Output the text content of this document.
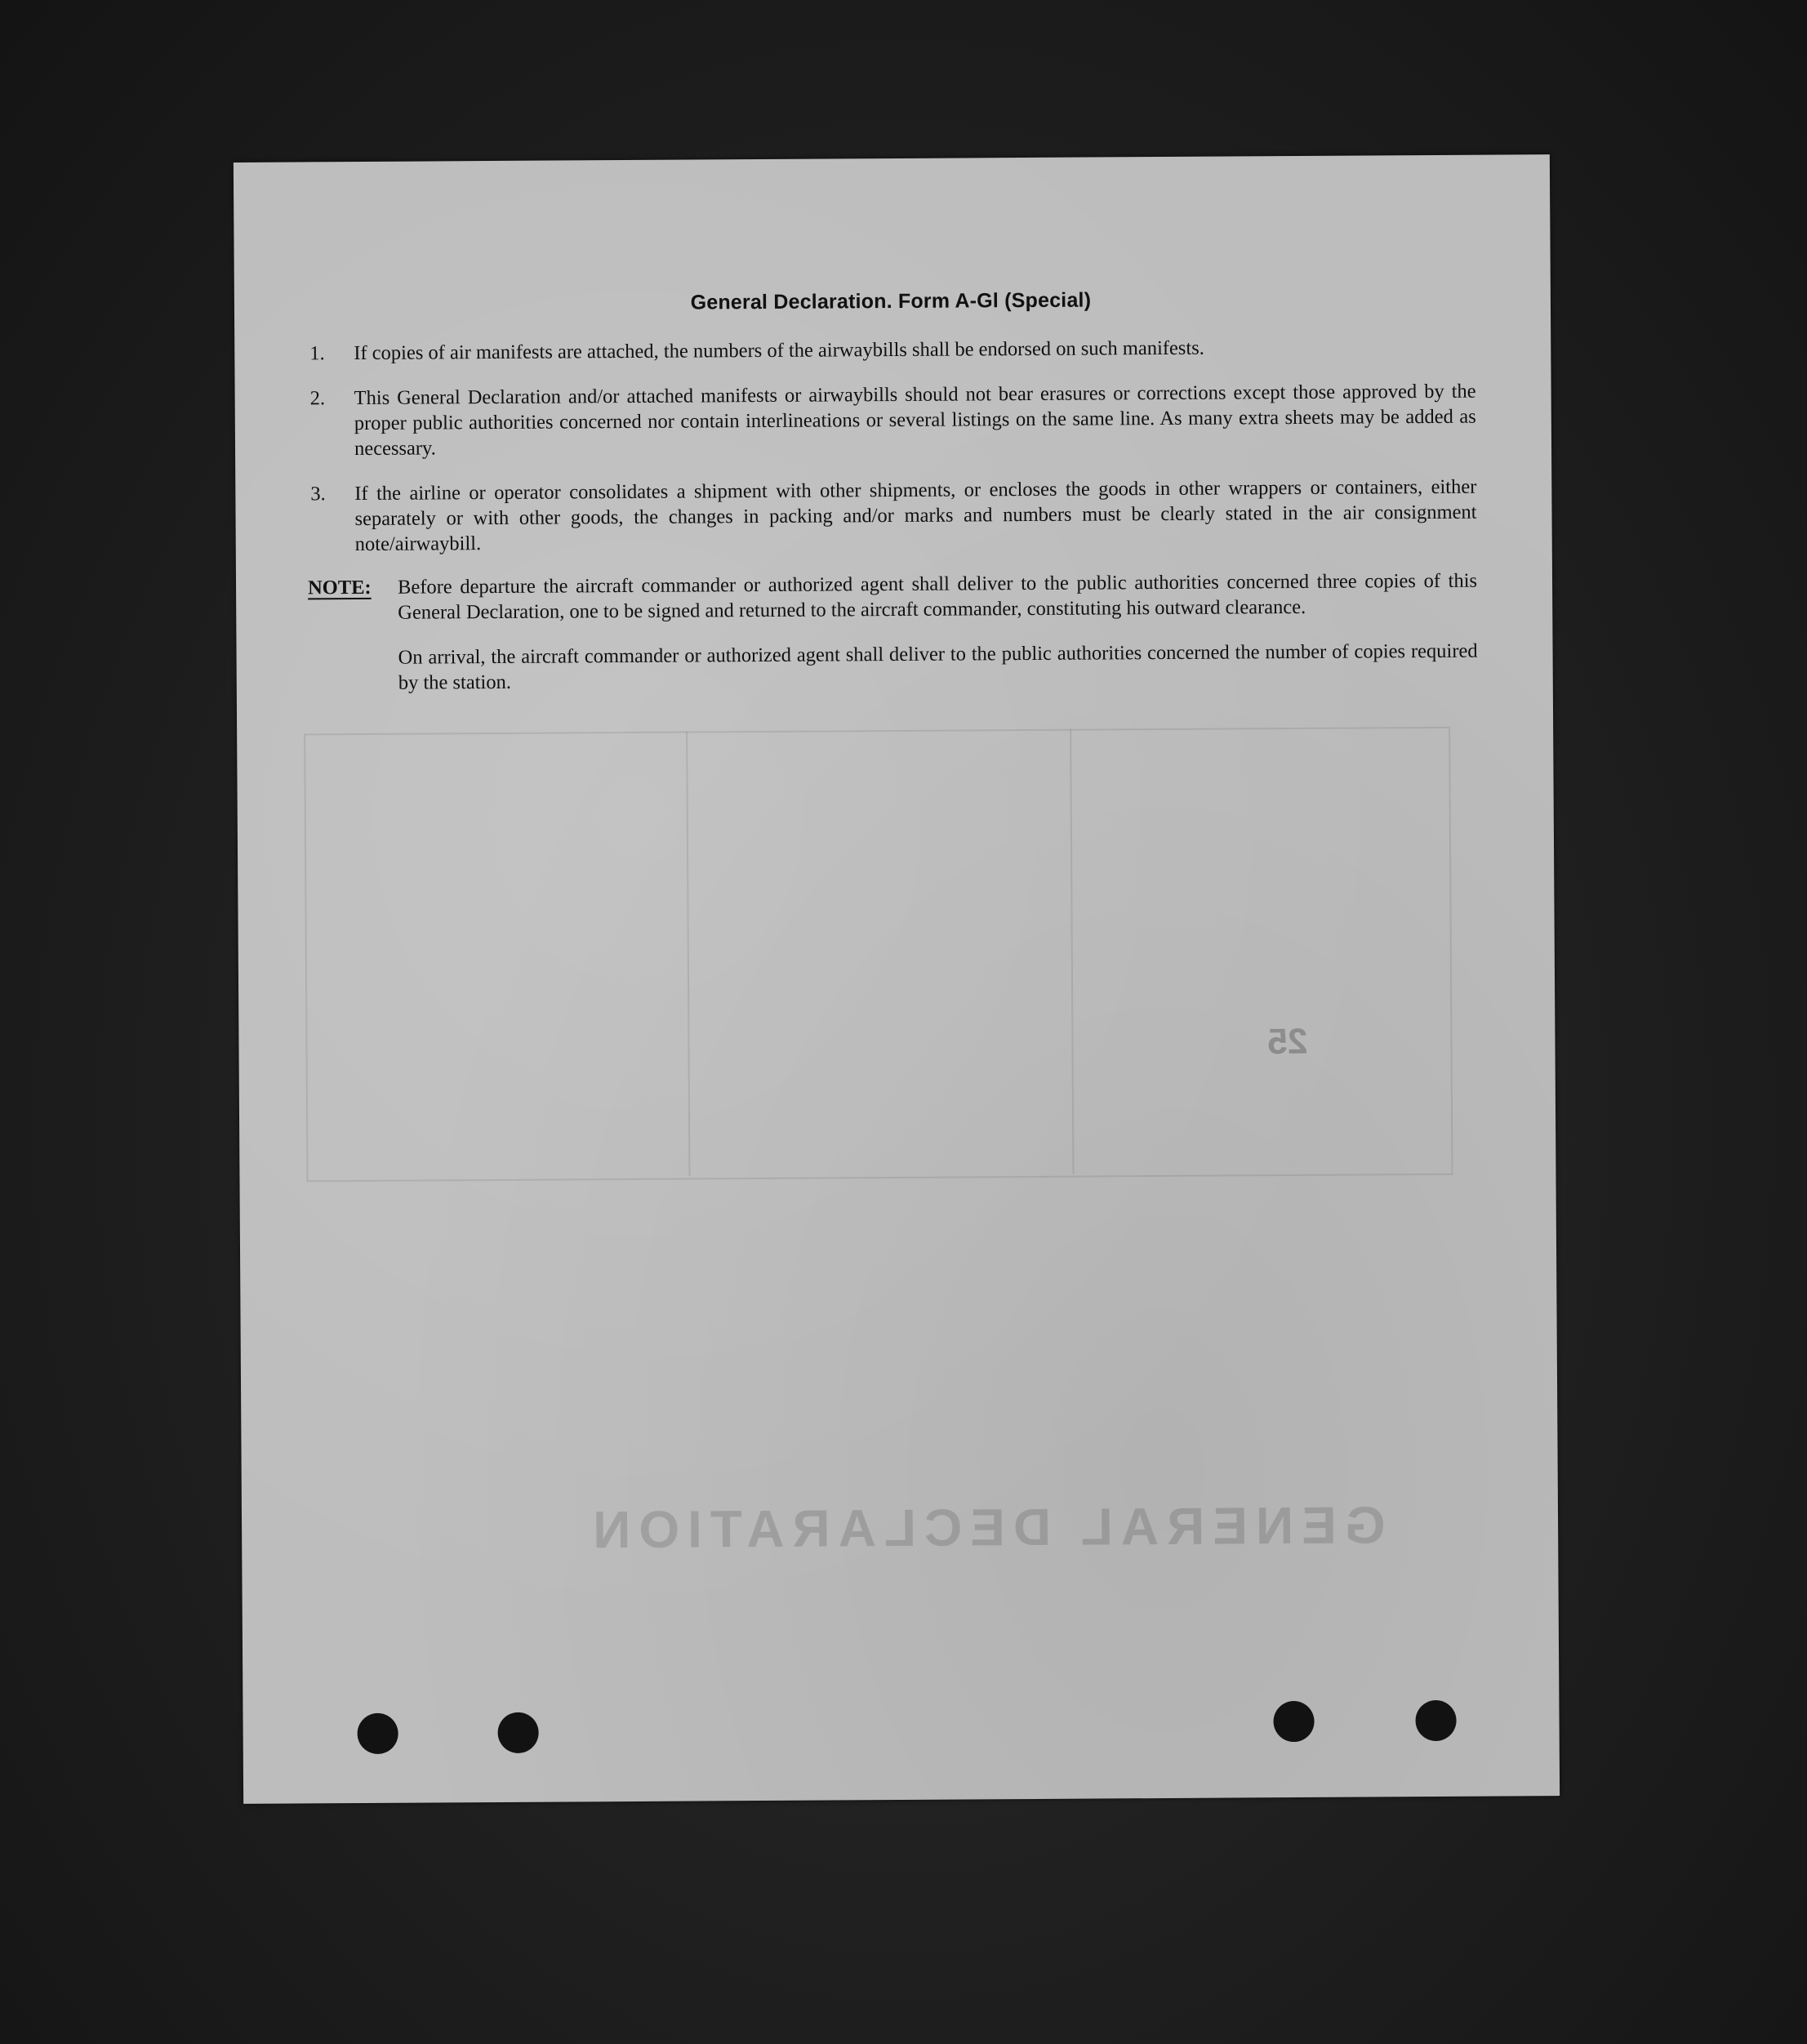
GENERAL DECLARATION
25
General Declaration. Form A-Gl (Special)
1.	If copies of air manifests are attached, the numbers of the airwaybills shall be endorsed on such manifests.
2.	This General Declaration and/or attached manifests or airwaybills should not bear erasures or corrections except those approved by the proper public authorities concerned nor contain interlineations or several listings on the same line. As many extra sheets may be added as necessary.
3.	If the airline or operator consolidates a shipment with other shipments, or encloses the goods in other wrappers or containers, either separately or with other goods, the changes in packing and/or marks and numbers must be clearly stated in the air consignment note/airwaybill.
NOTE:	Before departure the aircraft commander or authorized agent shall deliver to the public authorities concerned three copies of this General Declaration, one to be signed and returned to the aircraft commander, constituting his outward clearance.
On arrival, the aircraft commander or authorized agent shall deliver to the public authorities concerned the number of copies required by the station.
